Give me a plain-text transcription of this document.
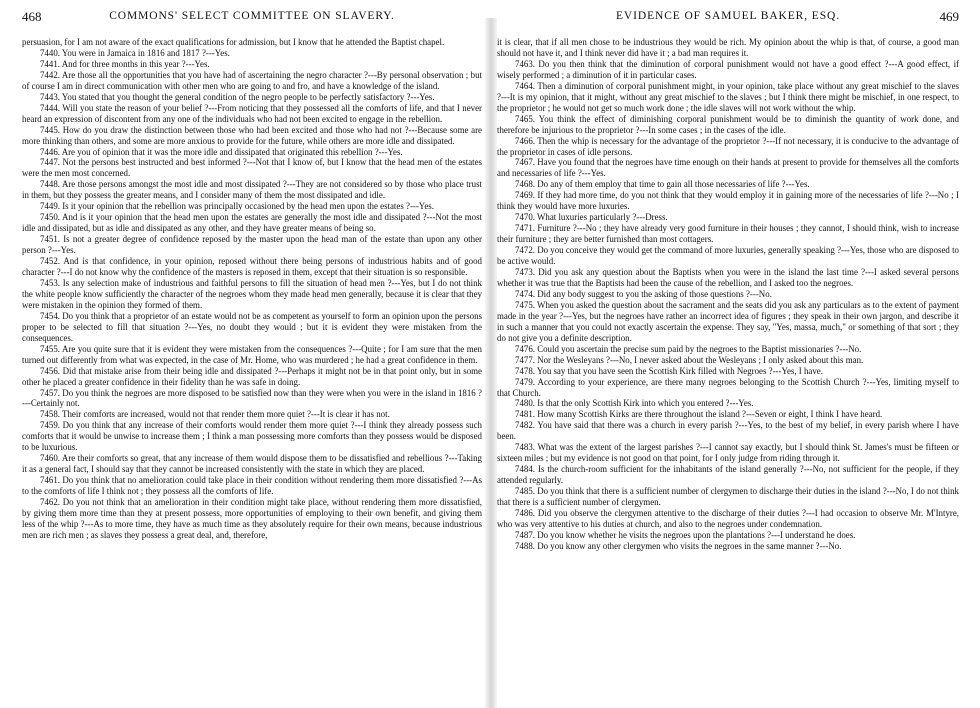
468	COMMONS' SELECT COMMITTEE ON SLAVERY.

persuasion, for I am not aware of the exact qualifications for admission, but I know that he attended the Baptist chapel.

7440. You were in Jamaica in 1816 and 1817 ?---Yes.

7441. And for three months in this year ?---Yes.

7442. Are those all the opportunities that you have had of ascertaining the negro character ?---By personal observation ; but of course I am in direct communication with other men who are going to and fro, and have a knowledge of the island.

7443. You stated that you thought the general condition of the negro people to be perfectly satisfactory ?---Yes.

7444. Will you state the reason of your belief ?---From noticing that they possessed all the comforts of life, and that I never heard an expression of discontent from any one of the individuals who had not been excited to engage in the rebellion.

7445. How do you draw the distinction between those who had been excited and those who had not ?---Because some are more thinking than others, and some are more anxious to provide for the future, while others are more idle and dissipated.

7446. Are you of opinion that it was the more idle and dissipated that originated this rebellion ?---Yes.

7447. Not the persons best instructed and best informed ?---Not that I know of, but I know that the head men of the estates were the men most concerned.

7448. Are those persons amongst the most idle and most dissipated ?---They are not considered so by those who place trust in them, but they possess the greater means, and I consider many of them the most dissipated and idle.

7449. Is it your opinion that the rebellion was principally occasioned by the head men upon the estates ?---Yes.

7450. And is it your opinion that the head men upon the estates are generally the most idle and dissipated ?---Not the most idle and dissipated, but as idle and dissipated as any other, and they have greater means of being so.

7451. Is not a greater degree of confidence reposed by the master upon the head man of the estate than upon any other person ?---Yes.

7452. And is that confidence, in your opinion, reposed without there being persons of industrious habits and of good character ?---I do not know why the confidence of the masters is reposed in them, except that their situation is so responsible.

7453. Is any selection make of industrious and faithful persons to fill the situation of head men ?---Yes, but I do not think the white people know sufficiently the character of the negroes whom they made head men generally, because it is clear that they were mistaken in the opinion they formed of them.

7454. Do you think that a proprietor of an estate would not be as competent as yourself to form an opinion upon the persons proper to be selected to fill that situation ?---Yes, no doubt they would ; but it is evident they were mistaken from the consequences.

7455. Are you quite sure that it is evident they were mistaken from the consequences ?---Quite ; for I am sure that the men turned out differently from what was expected, in the case of Mr. Home, who was murdered ; he had a great confidence in them.

7456. Did that mistake arise from their being idle and dissipated ?---Perhaps it might not be in that point only, but in some other he placed a greater confidence in their fidelity than he was safe in doing.

7457. Do you think the negroes are more disposed to be satisfied now than they were when you were in the island in 1816 ?---Certainly not.

7458. Their comforts are increased, would not that render them more quiet ?---It is clear it has not.

7459. Do you think that any increase of their comforts would render them more quiet ?---I think they already possess such comforts that it would be unwise to increase them ; I think a man possessing more comforts than they possess would be disposed to be luxurious.

7460. Are their comforts so great, that any increase of them would dispose them to be dissatisfied and rebellious ?---Taking it as a general fact, I should say that they cannot be increased consistently with the state in which they are placed.

7461. Do you think that no amelioration could take place in their condition without rendering them more dissatisfied ?---As to the comforts of life I think not ; they possess all the comforts of life.

7462. Do you not think that an amelioration in their condition might take place, without rendering them more dissatisfied, by giving them more time than they at present possess, more opportunities of employing to their own benefit, and giving them less of the whip ?---As to more time, they have as much time as they absolutely require for their own means, because industrious men are rich men ; as slaves they possess a great deal, and, therefore,

EVIDENCE OF SAMUEL BAKER, ESQ.	469

it is clear, that if all men chose to be industrious they would be rich. My opinion about the whip is that, of course, a good man should not have it, and I think never did have it ; a bad man requires it.

7463. Do you then think that the diminution of corporal punishment would not have a good effect ?---A good effect, if wisely performed ; a diminution of it in particular cases.

7464. Then a diminution of corporal punishment might, in your opinion, take place without any great mischief to the slaves ?---It is my opinion, that it might, without any great mischief to the slaves ; but I think there might be mischief, in one respect, to the proprietor ; he would not get so much work done ; the idle slaves will not work without the whip.

7465. You think the effect of diminishing corporal punishment would be to diminish the quantity of work done, and therefore be injurious to the proprietor ?---In some cases ; in the cases of the idle.

7466. Then the whip is necessary for the advantage of the proprietor ?---If not necessary, it is conducive to the advantage of the proprietor in cases of idle persons.

7467. Have you found that the negroes have time enough on their hands at present to provide for themselves all the comforts and necessaries of life ?---Yes.

7468. Do any of them employ that time to gain all those necessaries of life ?---Yes.

7469. If they had more time, do you not think that they would employ it in gaining more of the necessaries of life ?---No ; I think they would have more luxuries.

7470. What luxuries particularly ?---Dress.

7471. Furniture ?---No ; they have already very good furniture in their houses ; they cannot, I should think, wish to increase their furniture ; they are better furnished than most cottagers.

7472. Do you conceive they would get the command of more luxuries, generally speaking ?---Yes, those who are disposed to be active would.

7473. Did you ask any question about the Baptists when you were in the island the last time ?---I asked several persons whether it was true that the Baptists had been the cause of the rebellion, and I asked too the negroes.

7474. Did any body suggest to you the asking of those questions ?---No.

7475. When you asked the question about the sacrament and the seats did you ask any particulars as to the extent of payment made in the year ?---Yes, but the negroes have rather an incorrect idea of figures ; they speak in their own jargon, and describe it in such a manner that you could not exactly ascertain the expense. They say, "Yes, massa, much," or something of that sort ; they do not give you a definite description.

7476. Could you ascertain the precise sum paid by the negroes to the Baptist missionaries ?---No.

7477. Nor the Wesleyans ?---No, I never asked about the Wesleyans ; I only asked about this man.

7478. You say that you have seen the Scottish Kirk filled with Negroes ?---Yes, I have.

7479. According to your experience, are there many negroes belonging to the Scottish Church ?---Yes, limiting myself to that Church.

7480. Is that the only Scottish Kirk into which you entered ?---Yes.

7481. How many Scottish Kirks are there throughout the island ?---Seven or eight, I think I have heard.

7482. You have said that there was a church in every parish ?---Yes, to the best of my belief, in every parish where I have been.

7483. What was the extent of the largest parishes ?---I cannot say exactly, but I should think St. James's must be fifteen or sixteen miles ; but my evidence is not good on that point, for I only judge from riding through it.

7484. Is the church-room sufficient for the inhabitants of the island generally ?---No, not sufficient for the people, if they attended regularly.

7485. Do you think that there is a sufficient number of clergymen to discharge their duties in the island ?---No, I do not think that there is a sufficient number of clergymen.

7486. Did you observe the clergymen attentive to the discharge of their duties ?---I had occasion to observe Mr. M'Intyre, who was very attentive to his duties at church, and also to the negroes under condemnation.

7487. Do you know whether he visits the negroes upon the plantations ?---I understand he does.

7488. Do you know any other clergymen who visits the negroes in the same manner ?---No.
